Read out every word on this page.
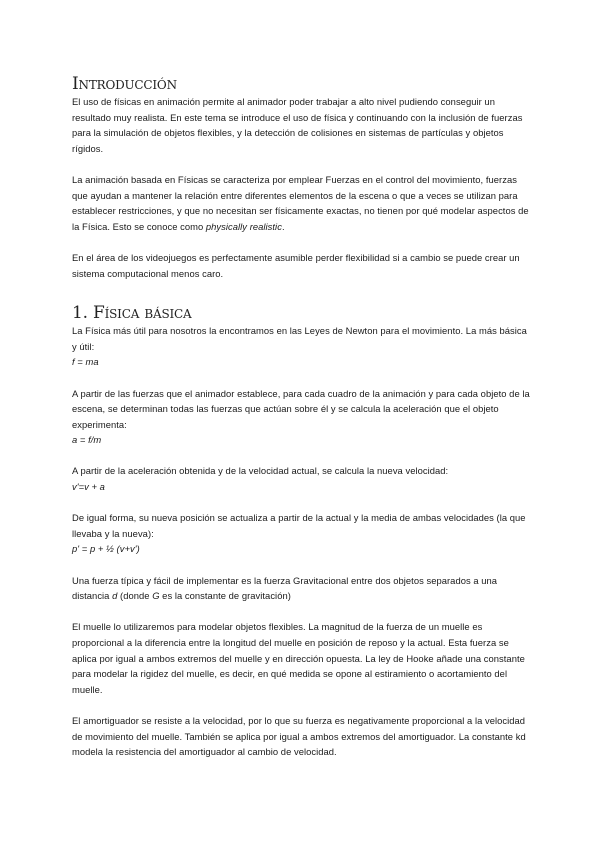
Introducción

El uso de físicas en animación permite al animador poder trabajar a alto nivel pudiendo conseguir un resultado muy realista. En este tema se introduce el uso de física y continuando con la inclusión de fuerzas para la simulación de objetos flexibles, y la detección de colisiones en sistemas de partículas y objetos rígidos.

La animación basada en Físicas se caracteriza por emplear Fuerzas en el control del movimiento, fuerzas que ayudan a mantener la relación entre diferentes elementos de la escena o que a veces se utilizan para establecer restricciones, y que no necesitan ser físicamente exactas, no tienen por qué modelar aspectos de la Física. Esto se conoce como physically realistic.

En el área de los videojuegos es perfectamente asumible perder flexibilidad si a cambio se puede crear un sistema computacional menos caro.

1. Física básica

La Física más útil para nosotros la encontramos en las Leyes de Newton para el movimiento. La más básica y útil:

f = ma

A partir de las fuerzas que el animador establece, para cada cuadro de la animación y para cada objeto de la escena, se determinan todas las fuerzas que actúan sobre él y se calcula la aceleración que el objeto experimenta:

a = f/m

A partir de la aceleración obtenida y de la velocidad actual, se calcula la nueva velocidad:

v'=v + a

De igual forma, su nueva posición se actualiza a partir de la actual y la media de ambas velocidades (la que llevaba y la nueva):

p' = p + ½ (v+v')

Una fuerza típica y fácil de implementar es la fuerza Gravitacional entre dos objetos separados a una distancia d (donde G es la constante de gravitación)

El muelle lo utilizaremos para modelar objetos flexibles. La magnitud de la fuerza de un muelle es proporcional a la diferencia entre la longitud del muelle en posición de reposo y la actual. Esta fuerza se aplica por igual a ambos extremos del muelle y en dirección opuesta. La ley de Hooke añade una constante para modelar la rigidez del muelle, es decir, en qué medida se opone al estiramiento o acortamiento del muelle.

El amortiguador se resiste a la velocidad, por lo que su fuerza es negativamente proporcional a la velocidad de movimiento del muelle. También se aplica por igual a ambos extremos del amortiguador. La constante kd modela la resistencia del amortiguador al cambio de velocidad.
